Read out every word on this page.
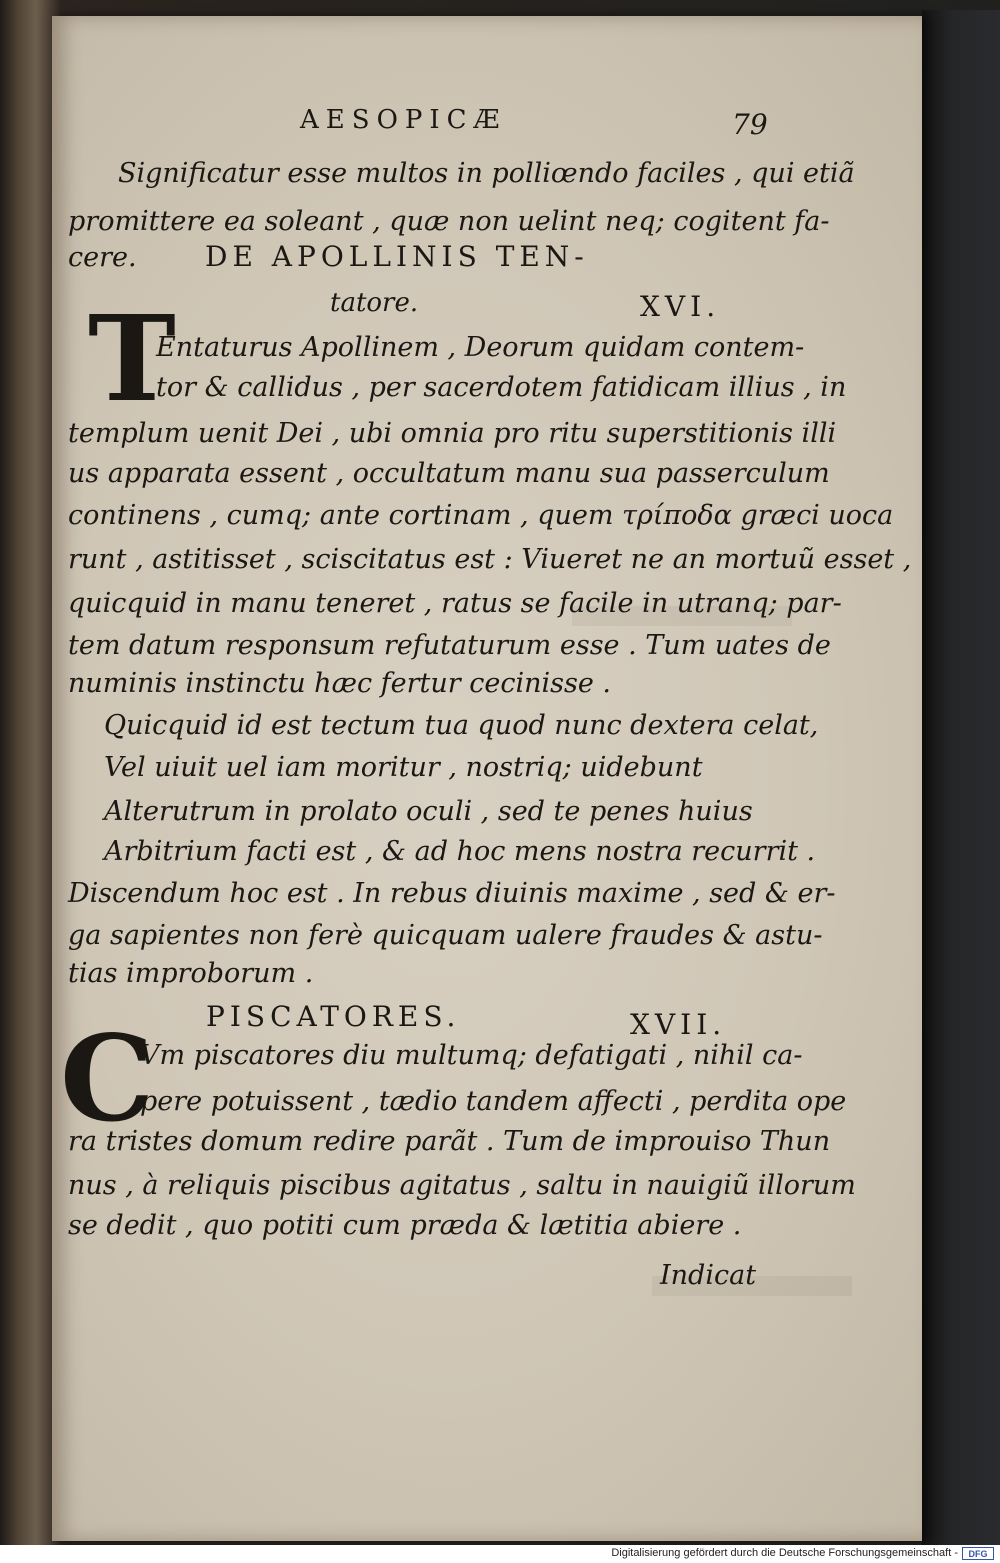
AESOPICÆ	79
Significatur esse multos in polliœndo faciles , qui etiã
promittere ea soleant , quæ non uelint neq; cogitent fa-
cere. DE APOLLINIS TEN-
tatore.	XVI.
T
Entaturus Apollinem , Deorum quidam contem-
tor & callidus , per sacerdotem fatidicam illius , in
templum uenit Dei , ubi omnia pro ritu superstitionis illi
us apparata essent , occultatum manu sua passerculum
continens , cumq; ante cortinam , quem τρίποδα græci uoca
runt , astitisset , sciscitatus est : Viueret ne an mortuũ esset ,
quicquid in manu teneret , ratus se facile in utranq; par-
tem datum responsum refutaturum esse . Tum uates de
numinis instinctu hæc fertur cecinisse .
Quicquid id est tectum tua quod nunc dextera celat,
Vel uiuit uel iam moritur , nostriq; uidebunt
Alterutrum in prolato oculi , sed te penes huius
Arbitrium facti est , & ad hoc mens nostra recurrit .
Discendum hoc est . In rebus diuinis maxime , sed & er-
ga sapientes non ferè quicquam ualere fraudes & astu-
tias improborum .
PISCATORES.	XVII.
C
Vm piscatores diu multumq; defatigati , nihil ca-
pere potuissent , tædio tandem affecti , perdita ope
ra tristes domum redire parãt . Tum de improuiso Thun
nus , à reliquis piscibus agitatus , saltu in nauigiũ illorum
se dedit , quo potiti cum præda & lætitia abiere .
Indicat
Digitalisierung gefördert durch die Deutsche Forschungsgemeinschaft -	DFG
